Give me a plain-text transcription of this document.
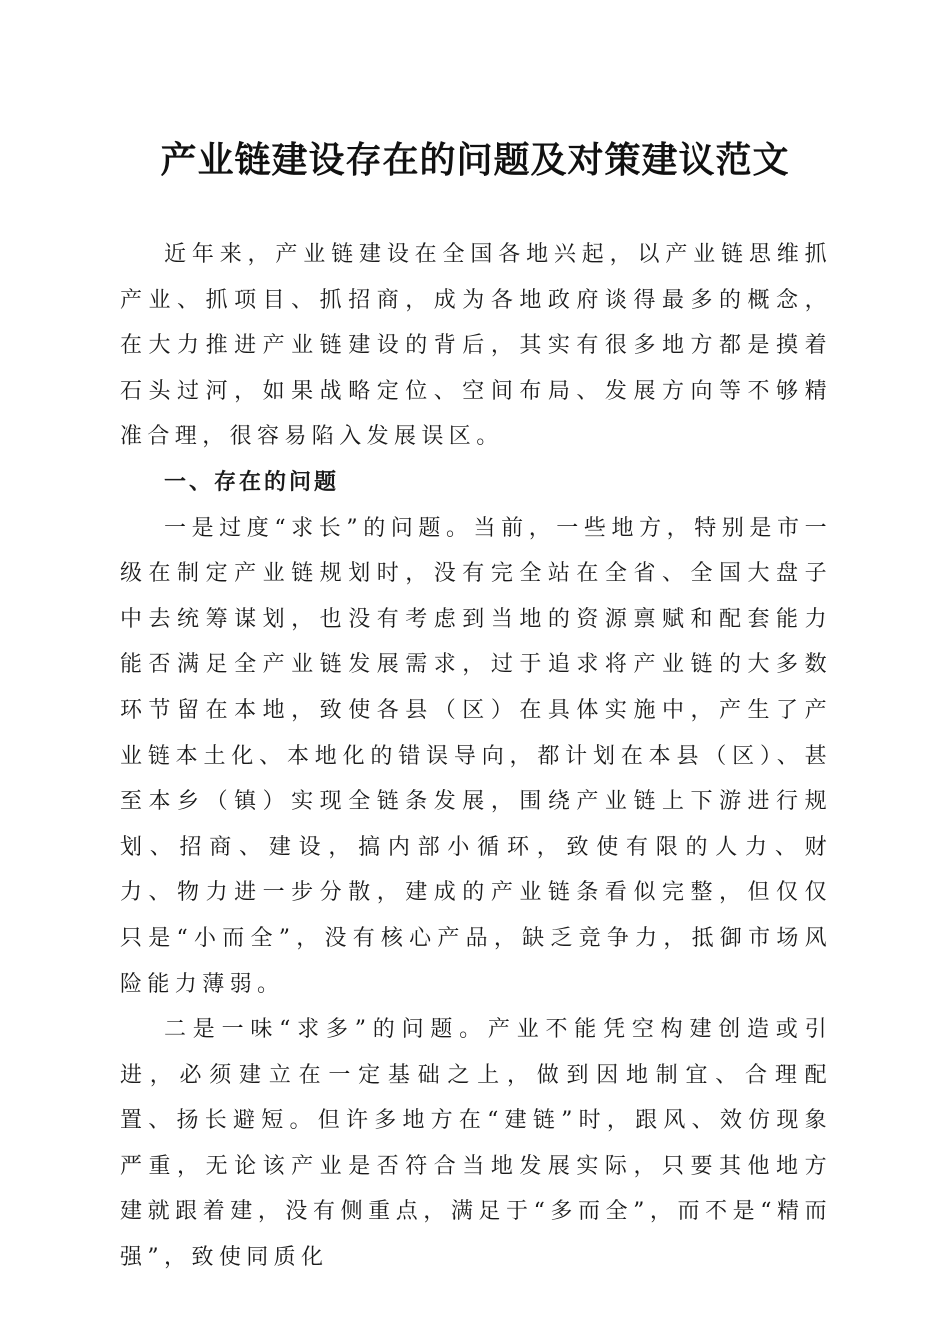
产业链建设存在的问题及对策建议范文

近年来，产业链建设在全国各地兴起，以产业链思维抓产业、抓项目、抓招商，成为各地政府谈得最多的概念，在大力推进产业链建设的背后，其实有很多地方都是摸着石头过河，如果战略定位、空间布局、发展方向等不够精准合理，很容易陷入发展误区。

一、存在的问题

一是过度“求长”的问题。当前，一些地方，特别是市一级在制定产业链规划时，没有完全站在全省、全国大盘子中去统筹谋划，也没有考虑到当地的资源禀赋和配套能力能否满足全产业链发展需求，过于追求将产业链的大多数环节留在本地，致使各县（区）在具体实施中，产生了产业链本土化、本地化的错误导向，都计划在本县（区）、甚至本乡（镇）实现全链条发展，围绕产业链上下游进行规划、招商、建设，搞内部小循环，致使有限的人力、财力、物力进一步分散，建成的产业链条看似完整，但仅仅只是“小而全”，没有核心产品，缺乏竞争力，抵御市场风险能力薄弱。

二是一味“求多”的问题。产业不能凭空构建创造或引进，必须建立在一定基础之上，做到因地制宜、合理配置、扬长避短。但许多地方在“建链”时，跟风、效仿现象严重，无论该产业是否符合当地发展实际，只要其他地方建就跟着建，没有侧重点，满足于“多而全”，而不是“精而强”，致使同质化
